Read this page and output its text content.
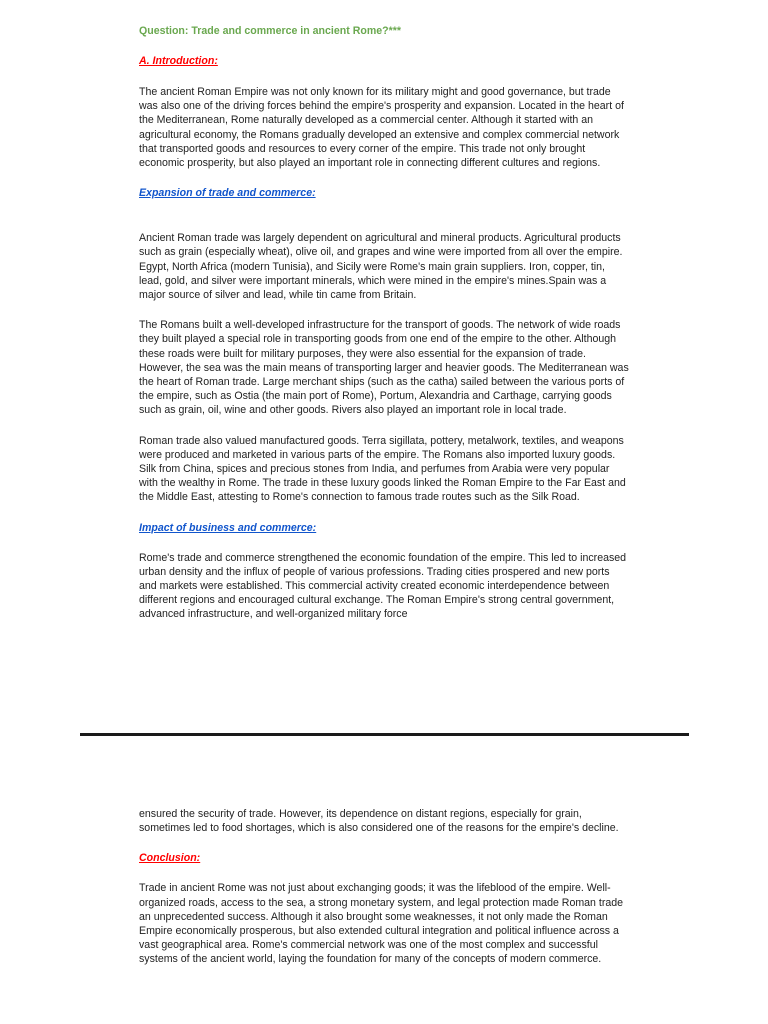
Question: Trade and commerce in ancient Rome?***

A. Introduction:

The ancient Roman Empire was not only known for its military might and good governance, but trade was also one of the driving forces behind the empire's prosperity and expansion. Located in the heart of the Mediterranean, Rome naturally developed as a commercial center. Although it started with an agricultural economy, the Romans gradually developed an extensive and complex commercial network that transported goods and resources to every corner of the empire. This trade not only brought economic prosperity, but also played an important role in connecting different cultures and regions.

Expansion of trade and commerce:

Ancient Roman trade was largely dependent on agricultural and mineral products. Agricultural products such as grain (especially wheat), olive oil, and grapes and wine were imported from all over the empire. Egypt, North Africa (modern Tunisia), and Sicily were Rome's main grain suppliers. Iron, copper, tin, lead, gold, and silver were important minerals, which were mined in the empire's mines.Spain was a major source of silver and lead, while tin came from Britain.

The Romans built a well-developed infrastructure for the transport of goods. The network of wide roads they built played a special role in transporting goods from one end of the empire to the other. Although these roads were built for military purposes, they were also essential for the expansion of trade. However, the sea was the main means of transporting larger and heavier goods. The Mediterranean was the heart of Roman trade. Large merchant ships (such as the catha) sailed between the various ports of the empire, such as Ostia (the main port of Rome), Portum, Alexandria and Carthage, carrying goods such as grain, oil, wine and other goods. Rivers also played an important role in local trade.

Roman trade also valued manufactured goods. Terra sigillata, pottery, metalwork, textiles, and weapons were produced and marketed in various parts of the empire. The Romans also imported luxury goods. Silk from China, spices and precious stones from India, and perfumes from Arabia were very popular with the wealthy in Rome. The trade in these luxury goods linked the Roman Empire to the Far East and the Middle East, attesting to Rome's connection to famous trade routes such as the Silk Road.

Impact of business and commerce:

Rome's trade and commerce strengthened the economic foundation of the empire. This led to increased urban density and the influx of people of various professions. Trading cities prospered and new ports and markets were established. This commercial activity created economic interdependence between different regions and encouraged cultural exchange. The Roman Empire's strong central government, advanced infrastructure, and well-organized military force

ensured the security of trade. However, its dependence on distant regions, especially for grain, sometimes led to food shortages, which is also considered one of the reasons for the empire's decline.

Conclusion:

Trade in ancient Rome was not just about exchanging goods; it was the lifeblood of the empire. Well-organized roads, access to the sea, a strong monetary system, and legal protection made Roman trade an unprecedented success. Although it also brought some weaknesses, it not only made the Roman Empire economically prosperous, but also extended cultural integration and political influence across a vast geographical area. Rome's commercial network was one of the most complex and successful systems of the ancient world, laying the foundation for many of the concepts of modern commerce.
